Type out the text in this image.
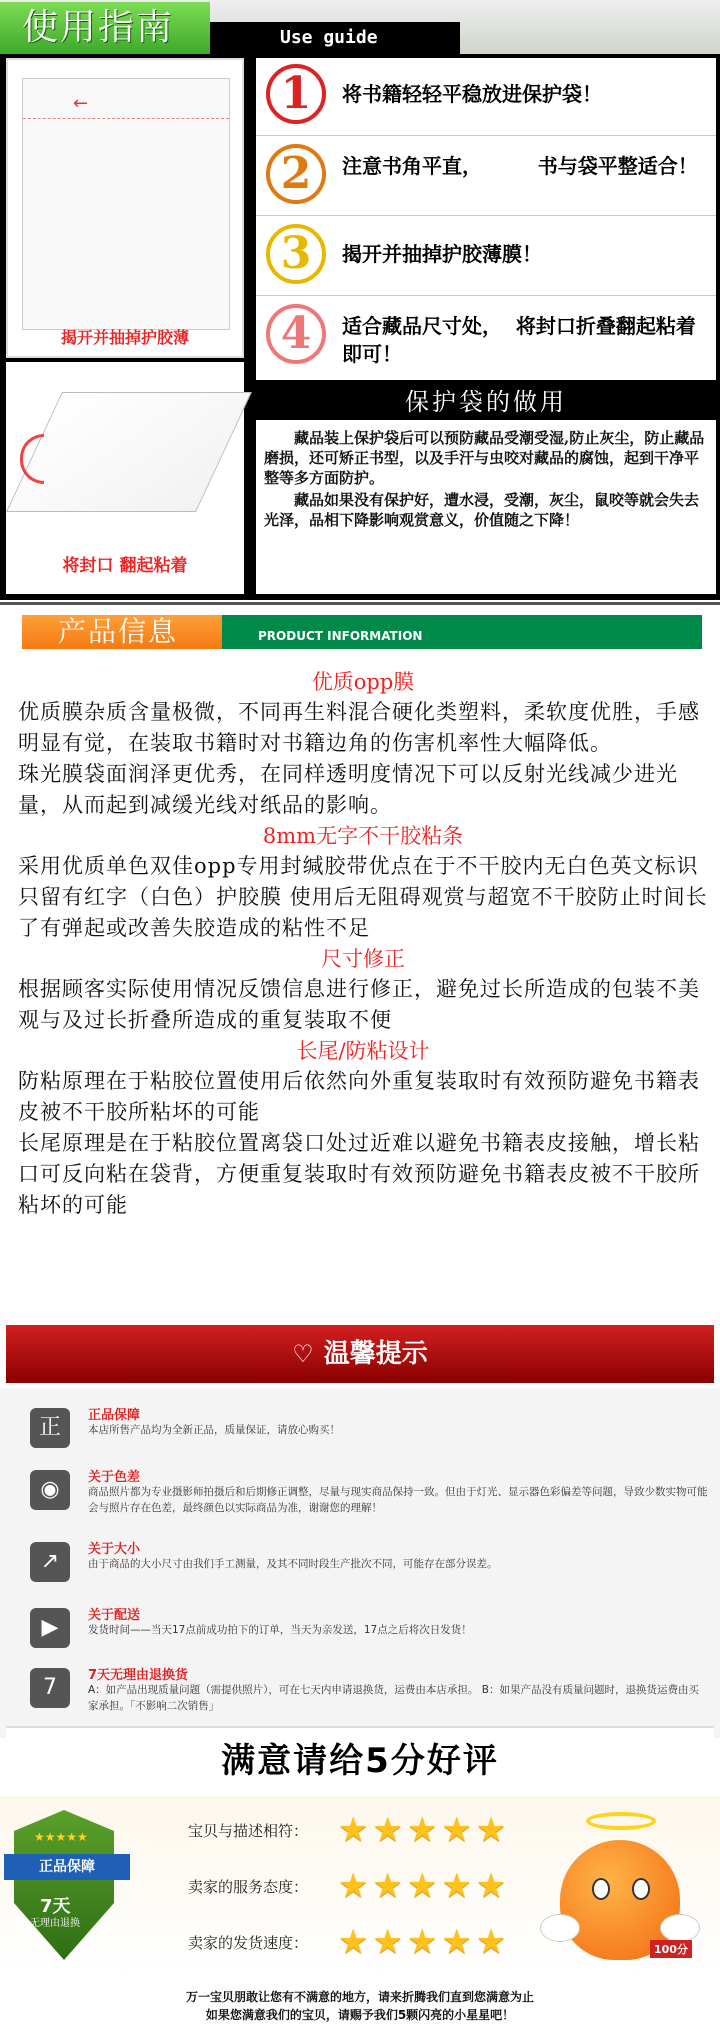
使用指南	Use guide
←
揭开并抽掉护胶薄
将封口 翻起粘着
1	将书籍轻轻平稳放进保护袋！
2	注意书角平直，        书与袋平整适合！
3	揭开并抽掉护胶薄膜！
4	适合藏品尺寸处，  将封口折叠翻起粘着即可！
保护袋的做用

藏品装上保护袋后可以预防藏品受潮受湿,防止灰尘，防止藏品磨损，还可矫正书型，以及手汗与虫咬对藏品的腐蚀，起到干净平整等多方面防护。

藏品如果没有保护好，遭水浸，受潮，灰尘，鼠咬等就会失去光泽，品相下降影响观赏意义，价值随之下降！

产品信息	PRODUCT INFORMATION
优质opp膜
优质膜杂质含量极微，不同再生料混合硬化类塑料，柔软度优胜，手感明显有觉，在装取书籍时对书籍边角的伤害机率性大幅降低。
珠光膜袋面润泽更优秀，在同样透明度情况下可以反射光线减少进光量，从而起到减缓光线对纸品的影响。
8mm无字不干胶粘条
采用优质单色双佳opp专用封缄胶带优点在于不干胶内无白色英文标识只留有红字（白色）护胶膜 使用后无阻碍观赏与超宽不干胶防止时间长了有弹起或改善失胶造成的粘性不足
尺寸修正
根据顾客实际使用情况反馈信息进行修正，避免过长所造成的包装不美观与及过长折叠所造成的重复装取不便
长尾/防粘设计
防粘原理在于粘胶位置使用后依然向外重复装取时有效预防避免书籍表皮被不干胶所粘坏的可能
长尾原理是在于粘胶位置离袋口处过近难以避免书籍表皮接触，增长粘口可反向粘在袋背，方便重复装取时有效预防避免书籍表皮被不干胶所粘坏的可能
♡ 温馨提示
正	正品保障
本店所售产品均为全新正品，质量保证，请放心购买！
◉	关于色差
商品照片都为专业摄影师拍摄后和后期修正调整，尽量与现实商品保持一致。但由于灯光、显示器色彩偏差等问题，导致少数实物可能会与照片存在色差，最终颜色以实际商品为准，谢谢您的理解！
↗	关于大小
由于商品的大小尺寸由我们手工测量，及其不同时段生产批次不同，可能存在部分误差。
▶	关于配送
发货时间——当天17点前成功拍下的订单，当天为亲发送，17点之后将次日发货！
7	7天无理由退换货
A：如产品出现质量问题（需提供照片），可在七天内申请退换货，运费由本店承担。 B：如果产品没有质量问题时，退换货运费由买家承担。「不影响二次销售」
满意请给5分好评
★★★★★
正品保障
7天
无理由退换
宝贝与描述相符： ★★★★★
卖家的服务态度： ★★★★★
卖家的发货速度： ★★★★★	100分
万一宝贝朋敢让您有不满意的地方，请来折腾我们直到您满意为止
如果您满意我们的宝贝，请赐予我们5颗闪亮的小星星吧！
